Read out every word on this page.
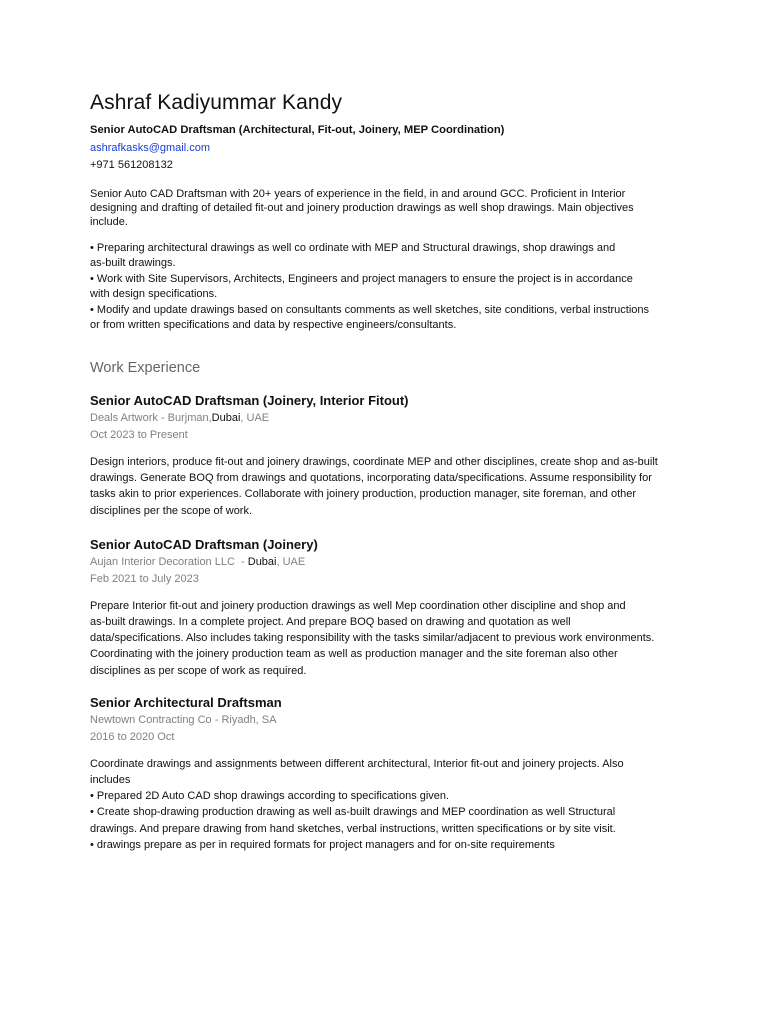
Ashraf Kadiyummar Kandy
Senior AutoCAD Draftsman (Architectural, Fit-out, Joinery, MEP Coordination)
ashrafkasks@gmail.com
+971 561208132
Senior Auto CAD Draftsman with 20+ years of experience in the field, in and around GCC. Proficient in Interior
designing and drafting of detailed fit-out and joinery production drawings as well shop drawings. Main objectives
include.
• Preparing architectural drawings as well co ordinate with MEP and Structural drawings, shop drawings and
as-built drawings.
• Work with Site Supervisors, Architects, Engineers and project managers to ensure the project is in accordance
with design specifications.
• Modify and update drawings based on consultants comments as well sketches, site conditions, verbal instructions
or from written specifications and data by respective engineers/consultants.
Work Experience
Senior AutoCAD Draftsman (Joinery, Interior Fitout)
Deals Artwork - Burjman,Dubai, UAE
Oct 2023 to Present
Design interiors, produce fit-out and joinery drawings, coordinate MEP and other disciplines, create shop and as-built
drawings. Generate BOQ from drawings and quotations, incorporating data/specifications. Assume responsibility for
tasks akin to prior experiences. Collaborate with joinery production, production manager, site foreman, and other
disciplines per the scope of work.
Senior AutoCAD Draftsman (Joinery)
Aujan Interior Decoration LLC  - Dubai, UAE
Feb 2021 to July 2023
Prepare Interior fit-out and joinery production drawings as well Mep coordination other discipline and shop and
as-built drawings. In a complete project. And prepare BOQ based on drawing and quotation as well
data/specifications. Also includes taking responsibility with the tasks similar/adjacent to previous work environments.
Coordinating with the joinery production team as well as production manager and the site foreman also other
disciplines as per scope of work as required.
Senior Architectural Draftsman
Newtown Contracting Co - Riyadh, SA
2016 to 2020 Oct
Coordinate drawings and assignments between different architectural, Interior fit-out and joinery projects. Also
includes
• Prepared 2D Auto CAD shop drawings according to specifications given.
• Create shop-drawing production drawing as well as-built drawings and MEP coordination as well Structural
drawings. And prepare drawing from hand sketches, verbal instructions, written specifications or by site visit.
• drawings prepare as per in required formats for project managers and for on-site requirements
